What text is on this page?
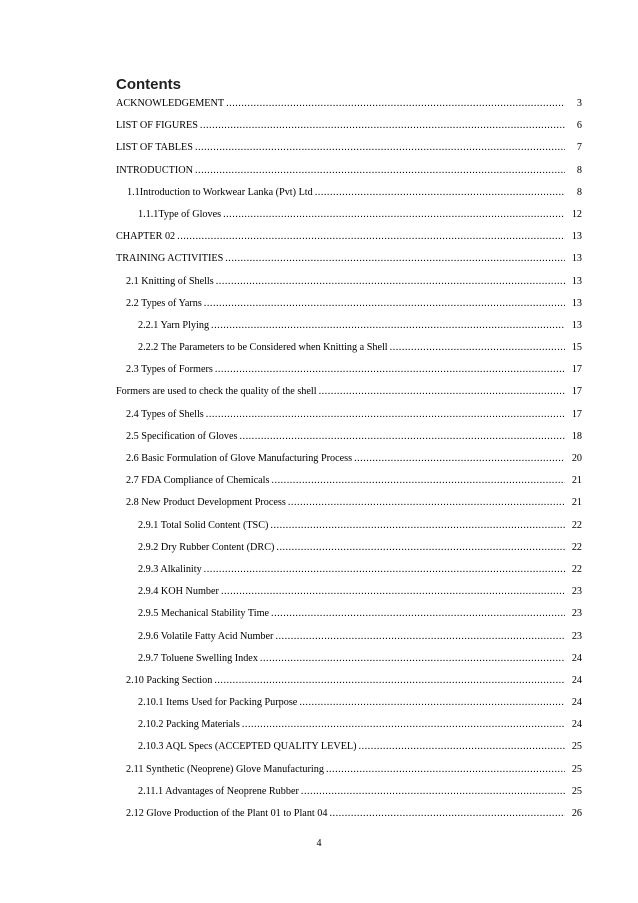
Contents
ACKNOWLEDGEMENT .....	3
LIST OF FIGURES .....	6
LIST OF TABLES .....	7
INTRODUCTION .....	8
1.1 Introduction to Workwear Lanka (Pvt) Ltd .....	8
1.1.1 Type of Gloves .....	12
CHAPTER 02 .....	13
TRAINING ACTIVITIES .....	13
2.1 Knitting of Shells .....	13
2.2 Types of Yarns .....	13
2.2.1 Yarn Plying .....	13
2.2.2 The Parameters to be Considered when Knitting a Shell .....	15
2.3 Types of Formers .....	17
Formers are used to check the quality of the shell .....	17
2.4 Types of Shells .....	17
2.5 Specification of Gloves .....	18
2.6 Basic Formulation of Glove Manufacturing Process .....	20
2.7 FDA Compliance of Chemicals .....	21
2.8 New Product Development Process .....	21
2.9.1 Total Solid Content (TSC) .....	22
2.9.2 Dry Rubber Content (DRC) .....	22
2.9.3 Alkalinity .....	22
2.9.4 KOH Number .....	23
2.9.5 Mechanical Stability Time .....	23
2.9.6 Volatile Fatty Acid Number .....	23
2.9.7 Toluene Swelling Index .....	24
2.10 Packing Section .....	24
2.10.1 Items Used for Packing Purpose .....	24
2.10.2 Packing Materials .....	24
2.10.3 AQL Specs (ACCEPTED QUALITY LEVEL) .....	25
2.11 Synthetic (Neoprene) Glove Manufacturing .....	25
2.11.1 Advantages of Neoprene Rubber .....	25
2.12 Glove Production of the Plant 01 to Plant 04 .....	26
4
